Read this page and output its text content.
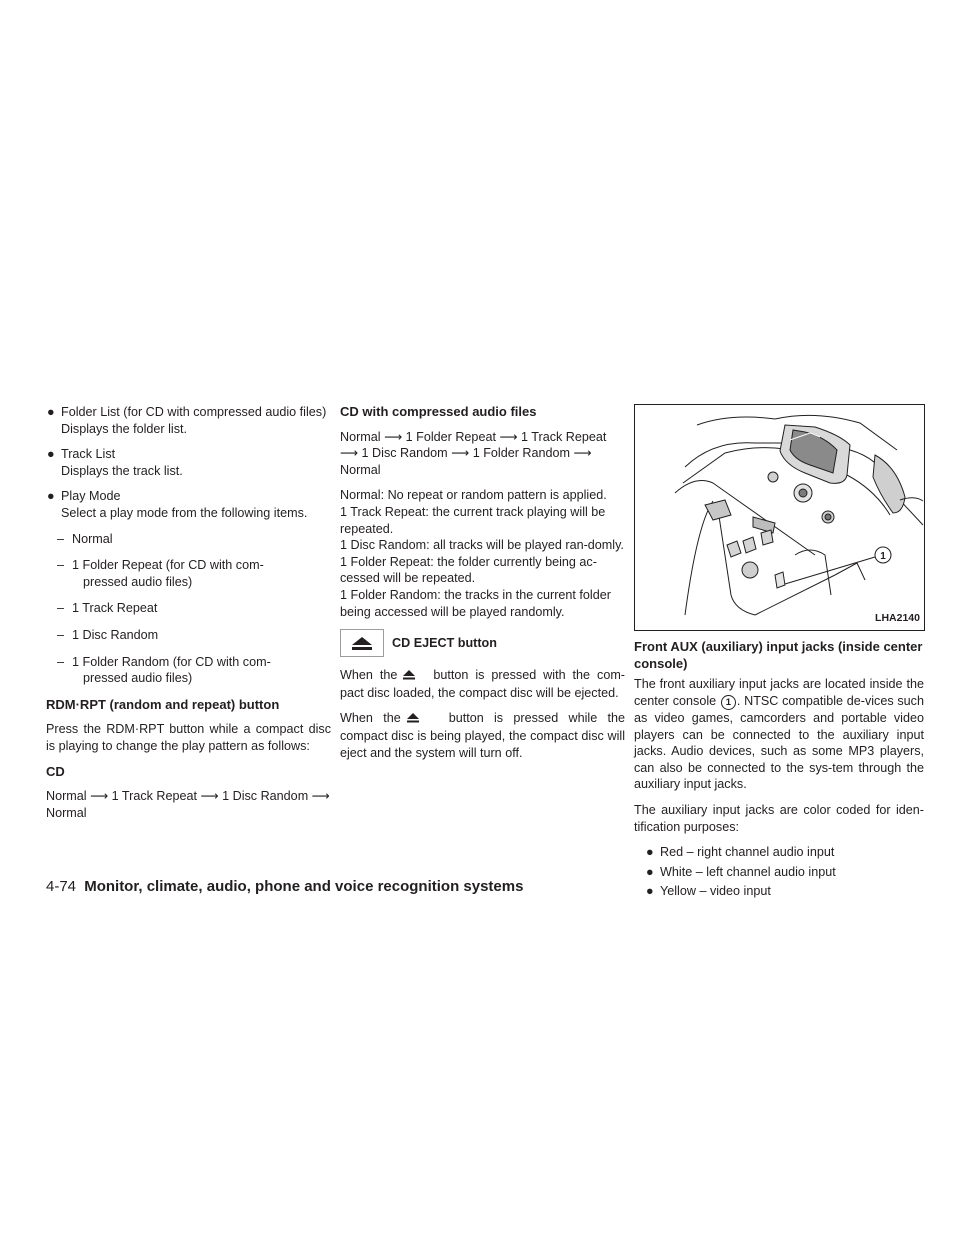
● Folder List (for CD with compressed audio files)
Displays the folder list.
● Track List
Displays the track list.
● Play Mode
Select a play mode from the following items.
– Normal
– 1 Folder Repeat (for CD with com-
pressed audio files)
– 1 Track Repeat
– 1 Disc Random
– 1 Folder Random (for CD with com-
pressed audio files)
RDM·RPT (random and repeat) button

Press the RDM·RPT button while a compact disc is playing to change the play pattern as follows:

CD

Normal ⟶ 1 Track Repeat ⟶ 1 Disc Random ⟶ Normal

CD with compressed audio files

Normal ⟶ 1 Folder Repeat ⟶ 1 Track Repeat ⟶ 1 Disc Random ⟶ 1 Folder Random ⟶ Normal

Normal: No repeat or random pattern is applied.
1 Track Repeat: the current track playing will be repeated.
1 Disc Random: all tracks will be played ran-domly.
1 Folder Repeat: the folder currently being ac-cessed will be repeated.
1 Folder Random: the tracks in the current folder being accessed will be played randomly.
CD EJECT button

When the	button is pressed with the com-pact disc loaded, the compact disc will be ejected.

When the	button is pressed while the compact disc is being played, the compact disc will eject and the system will turn off.

1
LHA2140
Front AUX (auxiliary) input jacks (inside center console)

The front auxiliary input jacks are located inside the center console 1 . NTSC compatible de-vices such as video games, camcorders and portable video players can be connected to the auxiliary input jacks. Audio devices, such as some MP3 players, can also be connected to the sys-tem through the auxiliary input jacks.

The auxiliary input jacks are color coded for iden-tification purposes:

● Red – right channel audio input
● White – left channel audio input
● Yellow – video input
4-74 Monitor, climate, audio, phone and voice recognition systems
